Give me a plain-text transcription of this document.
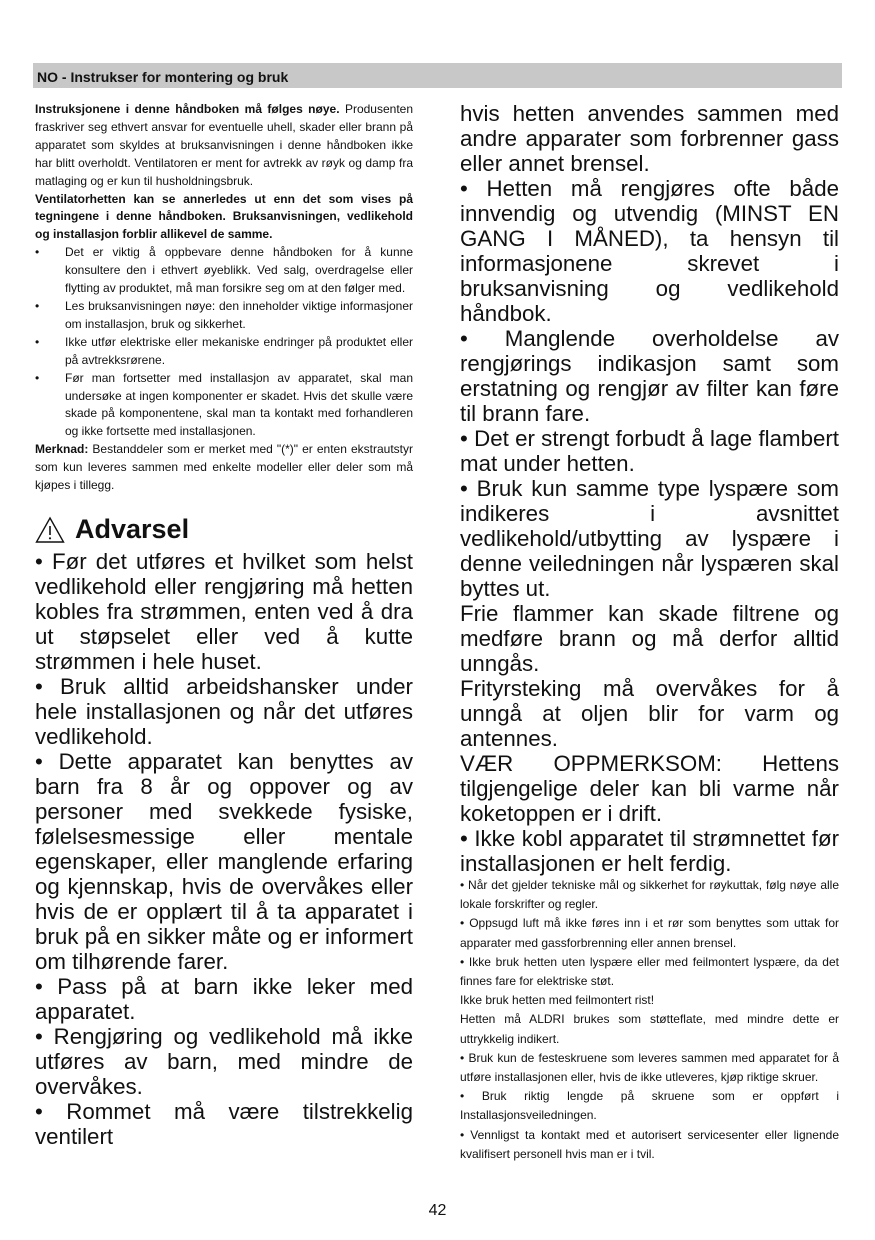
NO - Instrukser for montering og bruk

Instruksjonene i denne håndboken må følges nøye. Produsenten fraskriver seg ethvert ansvar for eventuelle uhell, skader eller brann på apparatet som skyldes at bruksanvisningen i denne håndboken ikke har blitt overholdt. Ventilatoren er ment for avtrekk av røyk og damp fra matlaging og er kun til husholdningsbruk.

Ventilatorhetten kan se annerledes ut enn det som vises på tegningene i denne håndboken. Bruksanvisningen, vedlikehold og installasjon forblir allikevel de samme.

• Det er viktig å oppbevare denne håndboken for å kunne konsultere den i ethvert øyeblikk. Ved salg, overdragelse eller flytting av produktet, må man forsikre seg om at den følger med.
• Les bruksanvisningen nøye: den inneholder viktige informasjoner om installasjon, bruk og sikkerhet.
• Ikke utfør elektriske eller mekaniske endringer på produktet eller på avtrekksrørene.
• Før man fortsetter med installasjon av apparatet, skal man undersøke at ingen komponenter er skadet. Hvis det skulle være skade på komponentene, skal man ta kontakt med forhandleren og ikke fortsette med installasjonen.

Merknad: Bestanddeler som er merket med "(*)" er enten ekstrautstyr som kun leveres sammen med enkelte modeller eller deler som må kjøpes i tillegg.

Advarsel

• Før det utføres et hvilket som helst vedlikehold eller rengjøring må hetten kobles fra strømmen, enten ved å dra ut støpselet eller ved å kutte strømmen i hele huset.

• Bruk alltid arbeidshansker under hele installasjonen og når det utføres vedlikehold.

• Dette apparatet kan benyttes av barn fra 8 år og oppover og av personer med svekkede fysiske, følelsesmessige eller mentale egenskaper, eller manglende erfaring og kjennskap, hvis de overvåkes eller hvis de er opplært til å ta apparatet i bruk på en sikker måte og er informert om tilhørende farer.

• Pass på at barn ikke leker med apparatet.

• Rengjøring og vedlikehold må ikke utføres av barn, med mindre de overvåkes.

• Rommet må være tilstrekkelig ventilert

hvis hetten anvendes sammen med andre apparater som forbrenner gass eller annet brensel.

• Hetten må rengjøres ofte både innvendig og utvendig (MINST EN GANG I MÅNED), ta hensyn til informasjonene skrevet i bruksanvisning og vedlikehold håndbok.

• Manglende overholdelse av rengjørings indikasjon samt som erstatning og rengjør av filter kan føre til brann fare.

• Det er strengt forbudt å lage flambert mat under hetten.

• Bruk kun samme type lyspære som indikeres i avsnittet vedlikehold/utbytting av lyspære i denne veiledningen når lyspæren skal byttes ut.

Frie flammer kan skade filtrene og medføre brann og må derfor alltid unngås.

Frityrsteking må overvåkes for å unngå at oljen blir for varm og antennes.

VÆR OPPMERKSOM: Hettens

tilgjengelige deler kan bli varme når koketoppen er i drift.

• Ikke kobl apparatet til strømnettet før installasjonen er helt ferdig.

• Når det gjelder tekniske mål og sikkerhet for røykuttak, følg nøye alle lokale forskrifter og regler.

• Oppsugd luft må ikke føres inn i et rør som benyttes som uttak for apparater med gassforbrenning eller annen brensel.

• Ikke bruk hetten uten lyspære eller med feilmontert lyspære, da det finnes fare for elektriske støt.

Ikke bruk hetten med feilmontert rist!

Hetten må ALDRI brukes som støtteflate, med mindre dette er uttrykkelig indikert.

• Bruk kun de festeskruene som leveres sammen med apparatet for å utføre installasjonen eller, hvis de ikke utleveres, kjøp riktige skruer.

• Bruk riktig lengde på skruene som er oppført i Installasjonsveiledningen.

• Vennligst ta kontakt med et autorisert servicesenter eller lignende kvalifisert personell hvis man er i tvil.

42
